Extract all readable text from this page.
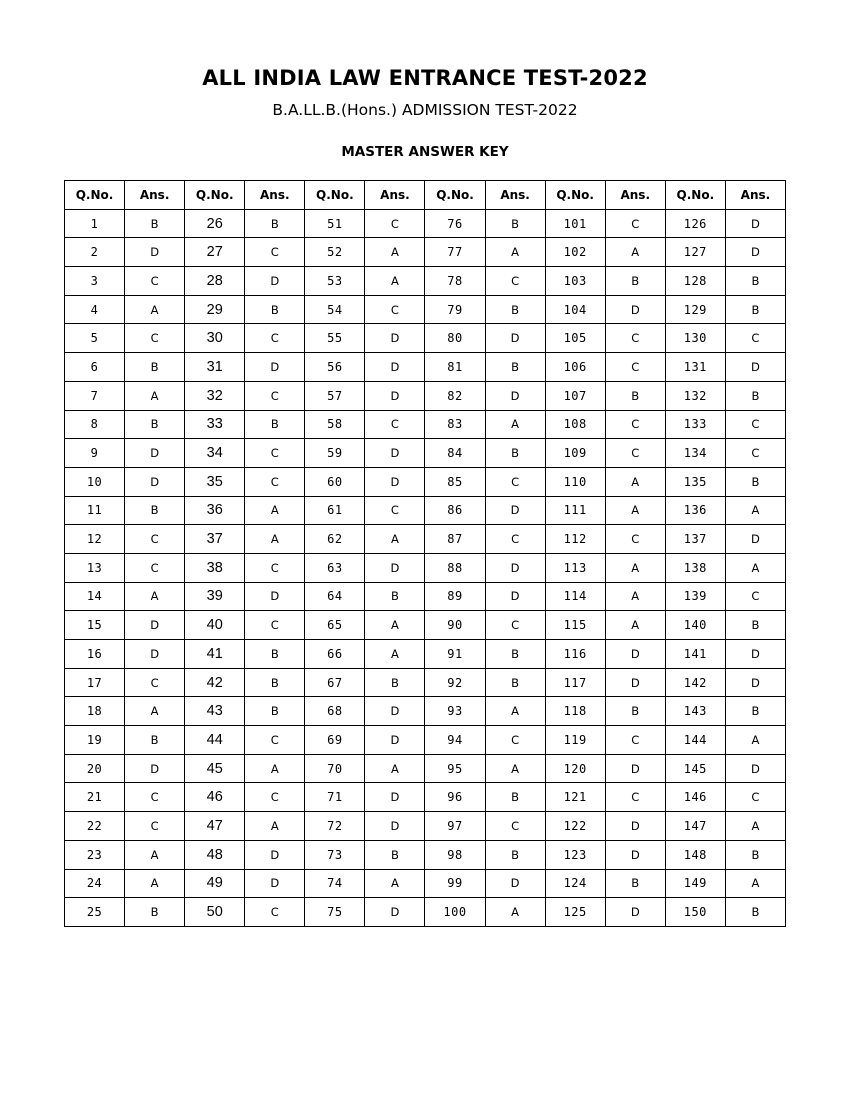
ALL INDIA LAW ENTRANCE TEST-2022
B.A.LL.B.(Hons.) ADMISSION TEST-2022
MASTER ANSWER KEY
Q.No.	Ans.	Q.No.	Ans.	Q.No.	Ans.	Q.No.	Ans.	Q.No.	Ans.	Q.No.	Ans.
1	B	26	B	51	C	76	B	101	C	126	D
2	D	27	C	52	A	77	A	102	A	127	D
3	C	28	D	53	A	78	C	103	B	128	B
4	A	29	B	54	C	79	B	104	D	129	B
5	C	30	C	55	D	80	D	105	C	130	C
6	B	31	D	56	D	81	B	106	C	131	D
7	A	32	C	57	D	82	D	107	B	132	B
8	B	33	B	58	C	83	A	108	C	133	C
9	D	34	C	59	D	84	B	109	C	134	C
10	D	35	C	60	D	85	C	110	A	135	B
11	B	36	A	61	C	86	D	111	A	136	A
12	C	37	A	62	A	87	C	112	C	137	D
13	C	38	C	63	D	88	D	113	A	138	A
14	A	39	D	64	B	89	D	114	A	139	C
15	D	40	C	65	A	90	C	115	A	140	B
16	D	41	B	66	A	91	B	116	D	141	D
17	C	42	B	67	B	92	B	117	D	142	D
18	A	43	B	68	D	93	A	118	B	143	B
19	B	44	C	69	D	94	C	119	C	144	A
20	D	45	A	70	A	95	A	120	D	145	D
21	C	46	C	71	D	96	B	121	C	146	C
22	C	47	A	72	D	97	C	122	D	147	A
23	A	48	D	73	B	98	B	123	D	148	B
24	A	49	D	74	A	99	D	124	B	149	A
25	B	50	C	75	D	100	A	125	D	150	B
